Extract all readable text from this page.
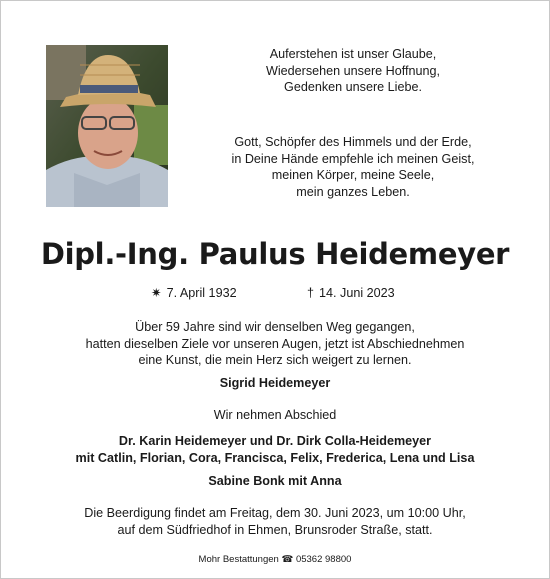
Auferstehen ist unser Glaube,
Wiedersehen unsere Hoffnung,
Gedenken unsere Liebe.
Gott, Schöpfer des Himmels und der Erde,
in Deine Hände empfehle ich meinen Geist,
meinen Körper, meine Seele,
mein ganzes Leben.
Dipl.-Ing. Paulus Heidemeyer
✷ 7. April 1932	† 14. Juni 2023
Über 59 Jahre sind wir denselben Weg gegangen,
hatten dieselben Ziele vor unseren Augen, jetzt ist Abschiednehmen
eine Kunst, die mein Herz sich weigert zu lernen.
Sigrid Heidemeyer
Wir nehmen Abschied
Dr. Karin Heidemeyer und Dr. Dirk Colla-Heidemeyer
mit Catlin, Florian, Cora, Francisca, Felix, Frederica, Lena und Lisa
Sabine Bonk mit Anna
Die Beerdigung findet am Freitag, dem 30. Juni 2023, um 10:00 Uhr,
auf dem Südfriedhof in Ehmen, Brunsroder Straße, statt.
Mohr Bestattungen ☎ 05362 98800
